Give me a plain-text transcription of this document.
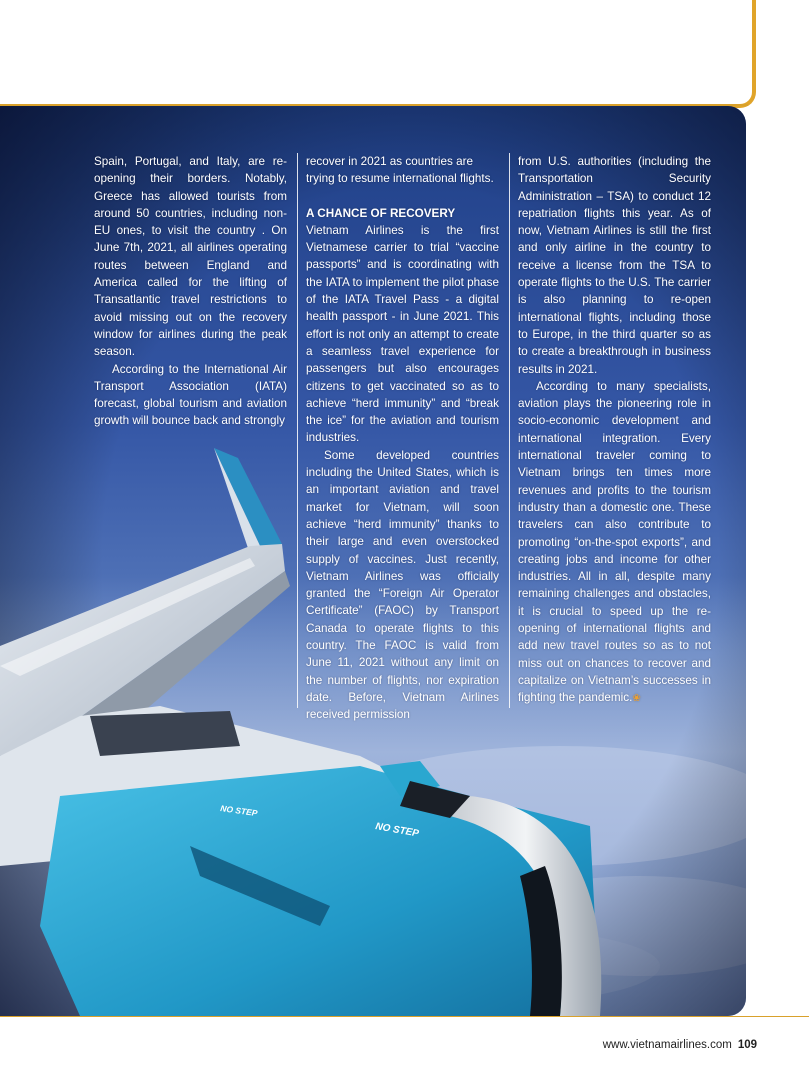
NO STEP
NO STEP

Spain, Portugal, and Italy, are re-opening their borders. Notably, Greece has allowed tourists from around 50 countries, including non-EU ones, to visit the country . On June 7th, 2021, all airlines operating routes between England and America called for the lifting of Transatlantic travel restrictions to avoid missing out on the recovery window for airlines during the peak season.

According to the International Air Transport Association (IATA) forecast, global tourism and aviation growth will bounce back and strongly

recover in 2021 as countries are trying to resume international flights.

A CHANCE OF RECOVERY

Vietnam Airlines is the first Vietnamese carrier to trial “vaccine passports” and is coordinating with the IATA to implement the pilot phase of the IATA Travel Pass - a digital health passport - in June 2021. This effort is not only an attempt to create a seamless travel experience for passengers but also encourages citizens to get vaccinated so as to achieve “herd immunity” and “break the ice” for the aviation and tourism industries.

Some developed countries including the United States, which is an important aviation and travel market for Vietnam, will soon achieve “herd immunity” thanks to their large and even overstocked supply of vaccines. Just recently, Vietnam Airlines was officially granted the “Foreign Air Operator Certificate” (FAOC) by Transport Canada to operate flights to this country. The FAOC is valid from June 11, 2021 without any limit on the number of flights, nor expiration date. Before, Vietnam Airlines received permission

from U.S. authorities (including the Transportation Security Administration – TSA) to conduct 12 repatriation flights this year. As of now, Vietnam Airlines is still the first and only airline in the country to receive a license from the TSA to operate flights to the U.S. The carrier is also planning to re-open international flights, including those to Europe, in the third quarter so as to create a breakthrough in business results in 2021.

According to many specialists, aviation plays the pioneering role in socio-economic development and international integration. Every international traveler coming to Vietnam brings ten times more revenues and profits to the tourism industry than a domestic one. These travelers can also contribute to promoting “on-the-spot exports”, and creating jobs and income for other industries. All in all, despite many remaining challenges and obstacles, it is crucial to speed up the re-opening of international flights and add new travel routes so as to not miss out on chances to recover and capitalize on Vietnam’s successes in fighting the pandemic.❀

www.vietnamairlines.com 109
